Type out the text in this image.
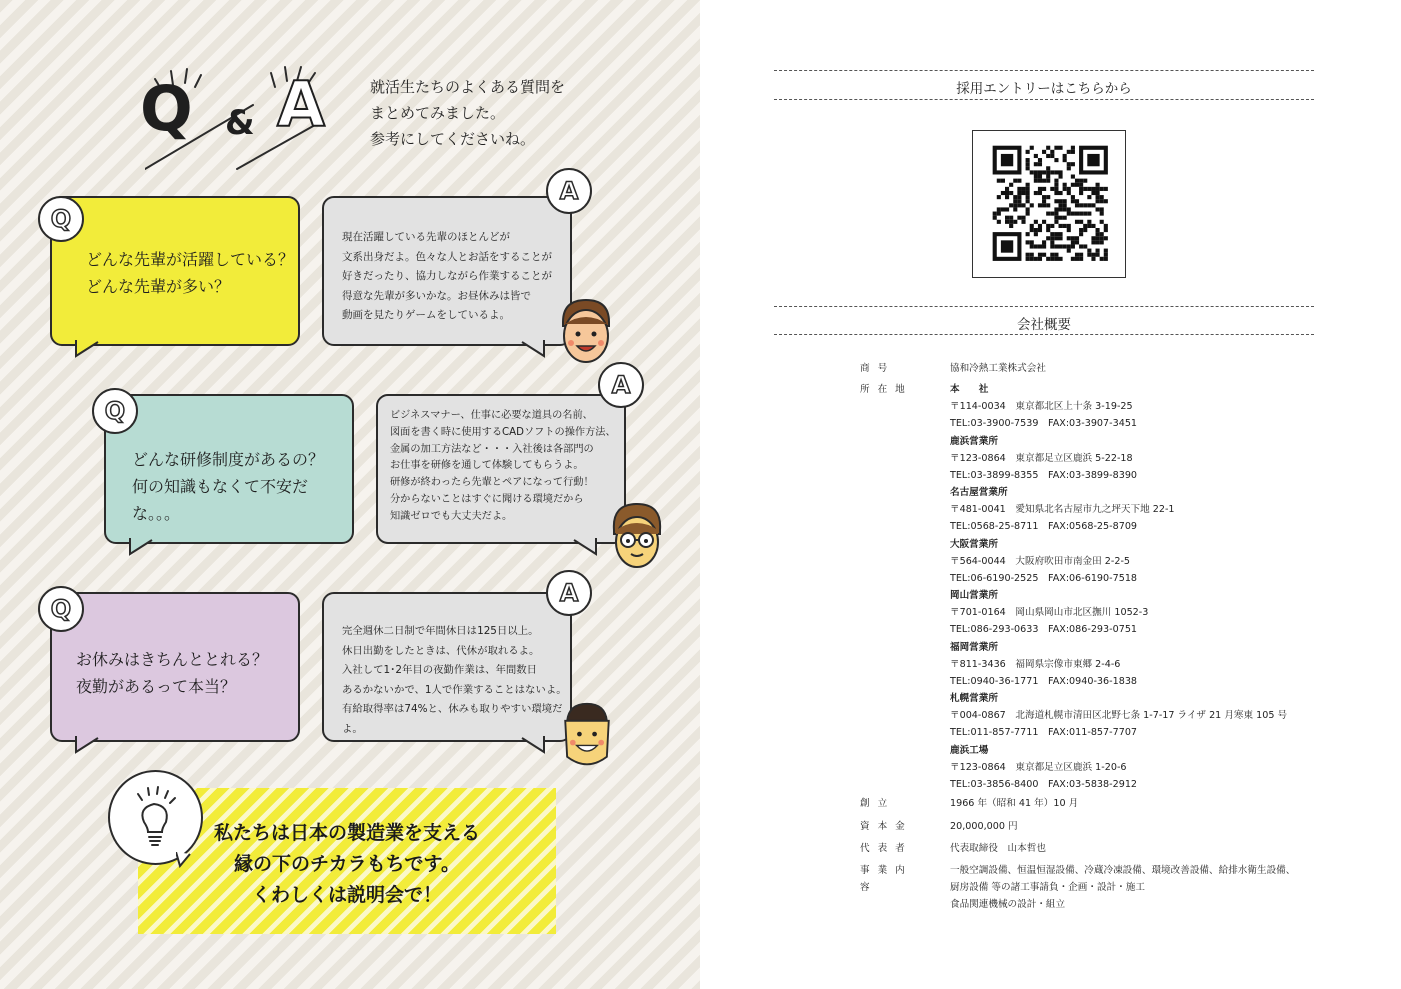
Q & A	就活生たちのよくある質問を
まとめてみました。
参考にしてくださいね。
どんな先輩が活躍している？
どんな先輩が多い？
Q
現在活躍している先輩のほとんどが
文系出身だよ。色々な人とお話をすることが
好きだったり、協力しながら作業することが
得意な先輩が多いかな。お昼休みは皆で
動画を見たりゲームをしているよ。
A
どんな研修制度があるの？
何の知識もなくて不安だな。。。
Q	ビジネスマナー、仕事に必要な道具の名前、
図面を書く時に使用するCADソフトの操作方法、
金属の加工方法など・・・入社後は各部門の
お仕事を研修を通して体験してもらうよ。
研修が終わったら先輩とペアになって行動！
分からないことはすぐに聞ける環境だから
知識ゼロでも大丈夫だよ。
A
お休みはきちんととれる？
夜勤があるって本当？
Q
完全週休二日制で年間休日は125日以上。
休日出勤をしたときは、代休が取れるよ。
入社して1･2年目の夜勤作業は、年間数日
あるかないかで、1人で作業することはないよ。
有給取得率は74%と、休みも取りやすい環境だよ。
A
私たちは日本の製造業を支える
縁の下のチカラもちです。
くわしくは説明会で！
採用エントリーはこちらから
会社概要
商号	協和冷熱工業株式会社
所在地	本　　社
〒114-0034　東京都北区上十条 3-19-25
TEL:03-3900-7539　FAX:03-3907-3451
鹿浜営業所
〒123-0864　東京都足立区鹿浜 5-22-18
TEL:03-3899-8355　FAX:03-3899-8390
名古屋営業所
〒481-0041　愛知県北名古屋市九之坪天下地 22-1
TEL:0568-25-8711　FAX:0568-25-8709
大阪営業所
〒564-0044　大阪府吹田市南金田 2-2-5
TEL:06-6190-2525　FAX:06-6190-7518
岡山営業所
〒701-0164　岡山県岡山市北区撫川 1052-3
TEL:086-293-0633　FAX:086-293-0751
福岡営業所
〒811-3436　福岡県宗像市東郷 2-4-6
TEL:0940-36-1771　FAX:0940-36-1838
札幌営業所
〒004-0867　北海道札幌市清田区北野七条 1-7-17 ライザ 21 月寒東 105 号
TEL:011-857-7711　FAX:011-857-7707
鹿浜工場
〒123-0864　東京都足立区鹿浜 1-20-6
TEL:03-3856-8400　FAX:03-5838-2912
創立	1966 年（昭和 41 年）10 月
資本金	20,000,000 円
代表者	代表取締役　山本哲也
事業内容
一般空調設備、恒温恒湿設備、冷蔵冷凍設備、環境改善設備、給排水衛生設備、
厨房設備 等の諸工事請負・企画・設計・施工
食品関連機械の設計・組立
